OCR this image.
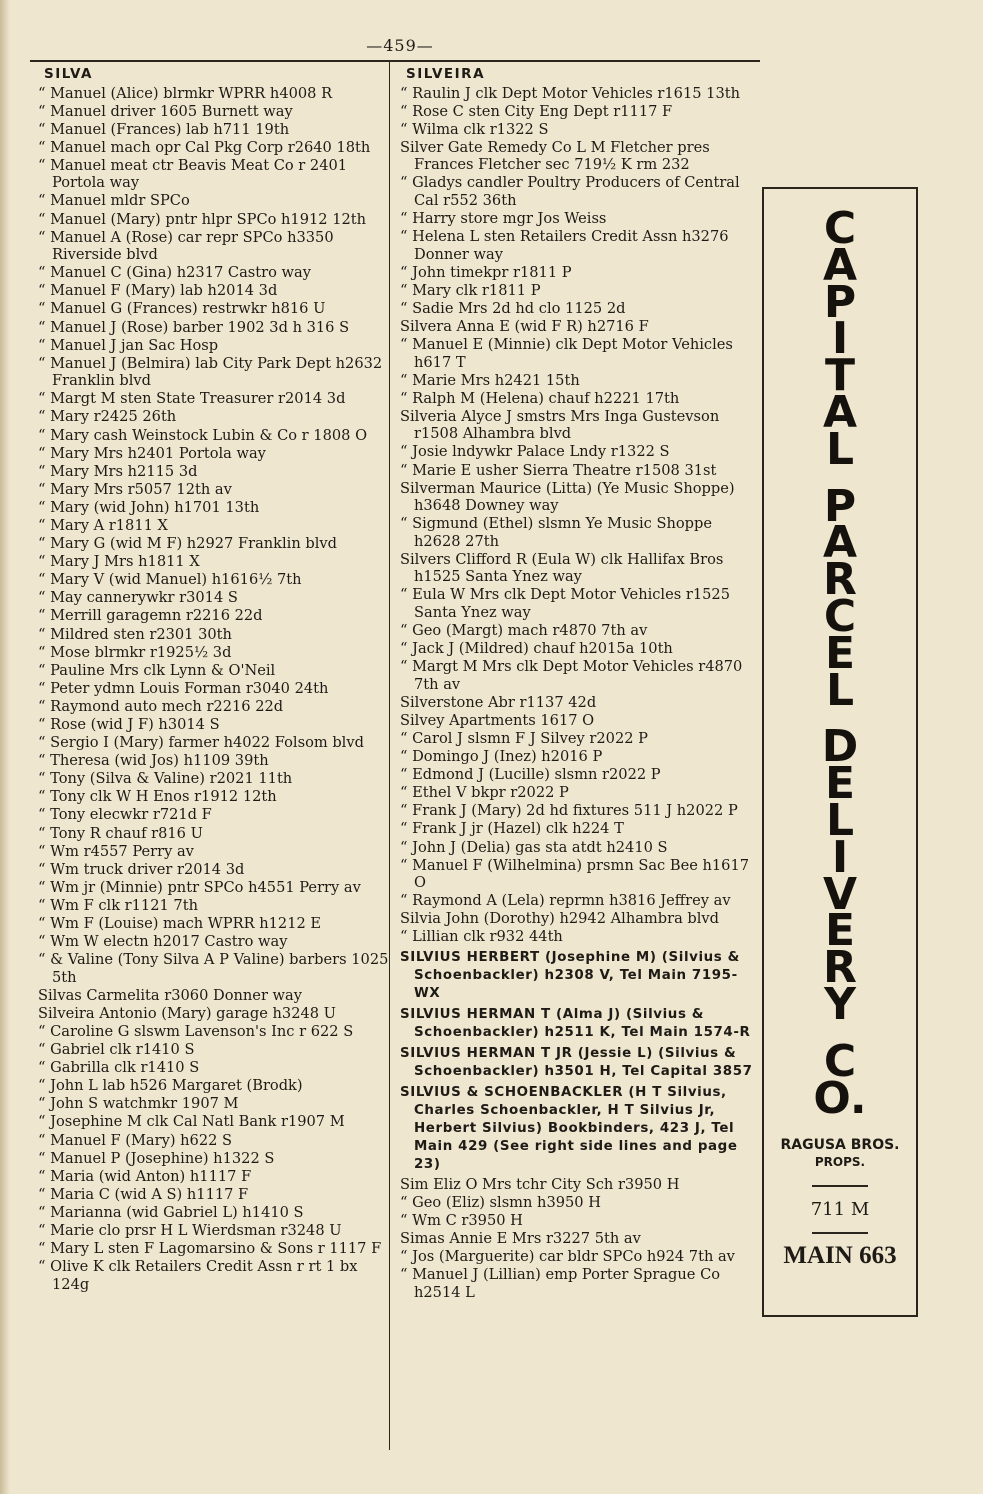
—459—
SILVA
“ Manuel (Alice) blrmkr WPRR h4008 R
“ Manuel driver 1605 Burnett way
“ Manuel (Frances) lab h711 19th
“ Manuel mach opr Cal Pkg Corp r2640 18th
“ Manuel meat ctr Beavis Meat Co r 2401 Portola way
“ Manuel mldr SPCo
“ Manuel (Mary) pntr hlpr SPCo h1912 12th
“ Manuel A (Rose) car repr SPCo h3350 Riverside blvd
“ Manuel C (Gina) h2317 Castro way
“ Manuel F (Mary) lab h2014 3d
“ Manuel G (Frances) restrwkr h816 U
“ Manuel J (Rose) barber 1902 3d h 316 S
“ Manuel J jan Sac Hosp
“ Manuel J (Belmira) lab City Park Dept h2632 Franklin blvd
“ Margt M sten State Treasurer r2014 3d
“ Mary r2425 26th
“ Mary cash Weinstock Lubin & Co r 1808 O
“ Mary Mrs h2401 Portola way
“ Mary Mrs h2115 3d
“ Mary Mrs r5057 12th av
“ Mary (wid John) h1701 13th
“ Mary A r1811 X
“ Mary G (wid M F) h2927 Franklin blvd
“ Mary J Mrs h1811 X
“ Mary V (wid Manuel) h1616½ 7th
“ May cannerywkr r3014 S
“ Merrill garagemn r2216 22d
“ Mildred sten r2301 30th
“ Mose blrmkr r1925½ 3d
“ Pauline Mrs clk Lynn & O'Neil
“ Peter ydmn Louis Forman r3040 24th
“ Raymond auto mech r2216 22d
“ Rose (wid J F) h3014 S
“ Sergio I (Mary) farmer h4022 Folsom blvd
“ Theresa (wid Jos) h1109 39th
“ Tony (Silva & Valine) r2021 11th
“ Tony clk W H Enos r1912 12th
“ Tony elecwkr r721d F
“ Tony R chauf r816 U
“ Wm r4557 Perry av
“ Wm truck driver r2014 3d
“ Wm jr (Minnie) pntr SPCo h4551 Perry av
“ Wm F clk r1121 7th
“ Wm F (Louise) mach WPRR h1212 E
“ Wm W electn h2017 Castro way
“ & Valine (Tony Silva A P Valine) barbers 1025 5th
Silvas Carmelita r3060 Donner way
Silveira Antonio (Mary) garage h3248 U
“ Caroline G slswm Lavenson's Inc r 622 S
“ Gabriel clk r1410 S
“ Gabrilla clk r1410 S
“ John L lab h526 Margaret (Brodk)
“ John S watchmkr 1907 M
“ Josephine M clk Cal Natl Bank r1907 M
“ Manuel F (Mary) h622 S
“ Manuel P (Josephine) h1322 S
“ Maria (wid Anton) h1117 F
“ Maria C (wid A S) h1117 F
“ Marianna (wid Gabriel L) h1410 S
“ Marie clo prsr H L Wierdsman r3248 U
“ Mary L sten F Lagomarsino & Sons r 1117 F
“ Olive K clk Retailers Credit Assn r rt 1 bx 124g
SILVEIRA
“ Raulin J clk Dept Motor Vehicles r1615 13th
“ Rose C sten City Eng Dept r1117 F
“ Wilma clk r1322 S
Silver Gate Remedy Co L M Fletcher pres Frances Fletcher sec 719½ K rm 232
“ Gladys candler Poultry Producers of Central Cal r552 36th
“ Harry store mgr Jos Weiss
“ Helena L sten Retailers Credit Assn h3276 Donner way
“ John timekpr r1811 P
“ Mary clk r1811 P
“ Sadie Mrs 2d hd clo 1125 2d
Silvera Anna E (wid F R) h2716 F
“ Manuel E (Minnie) clk Dept Motor Vehicles h617 T
“ Marie Mrs h2421 15th
“ Ralph M (Helena) chauf h2221 17th
Silveria Alyce J smstrs Mrs Inga Gustevson r1508 Alhambra blvd
“ Josie lndywkr Palace Lndy r1322 S
“ Marie E usher Sierra Theatre r1508 31st
Silverman Maurice (Litta) (Ye Music Shoppe) h3648 Downey way
“ Sigmund (Ethel) slsmn Ye Music Shoppe h2628 27th
Silvers Clifford R (Eula W) clk Hallifax Bros h1525 Santa Ynez way
“ Eula W Mrs clk Dept Motor Vehicles r1525 Santa Ynez way
“ Geo (Margt) mach r4870 7th av
“ Jack J (Mildred) chauf h2015a 10th
“ Margt M Mrs clk Dept Motor Vehicles r4870 7th av
Silverstone Abr r1137 42d
Silvey Apartments 1617 O
“ Carol J slsmn F J Silvey r2022 P
“ Domingo J (Inez) h2016 P
“ Edmond J (Lucille) slsmn r2022 P
“ Ethel V bkpr r2022 P
“ Frank J (Mary) 2d hd fixtures 511 J h2022 P
“ Frank J jr (Hazel) clk h224 T
“ John J (Delia) gas sta atdt h2410 S
“ Manuel F (Wilhelmina) prsmn Sac Bee h1617 O
“ Raymond A (Lela) reprmn h3816 Jeffrey av
Silvia John (Dorothy) h2942 Alhambra blvd
“ Lillian clk r932 44th
SILVIUS HERBERT (Josephine M) (Silvius & Schoenbackler) h2308 V, Tel Main 7195-WX
SILVIUS HERMAN T (Alma J) (Silvius & Schoenbackler) h2511 K, Tel Main 1574-R
SILVIUS HERMAN T JR (Jessie L) (Silvius & Schoenbackler) h3501 H, Tel Capital 3857
SILVIUS & SCHOENBACKLER (H T Silvius, Charles Schoenbackler, H T Silvius Jr, Herbert Silvius) Bookbinders, 423 J, Tel Main 429 (See right side lines and page 23)
Sim Eliz O Mrs tchr City Sch r3950 H
“ Geo (Eliz) slsmn h3950 H
“ Wm C r3950 H
Simas Annie E Mrs r3227 5th av
“ Jos (Marguerite) car bldr SPCo h924 7th av
“ Manuel J (Lillian) emp Porter Sprague Co h2514 L
C
A
P
I
T
A
L
P
A
R
C
E
L
D
E
L
I
V
E
R
Y
C
O.
RAGUSA BROS.
PROPS.
711 M
MAIN 663
